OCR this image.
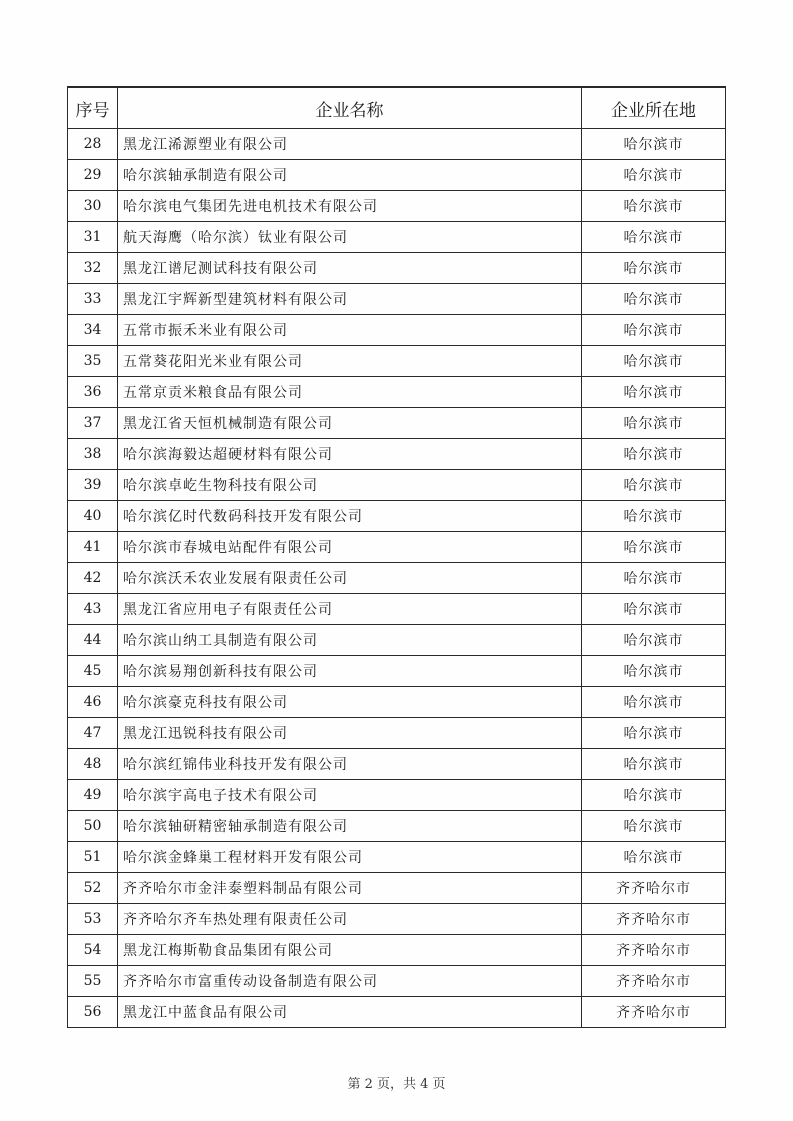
序号	企业名称	企业所在地
28	黑龙江浠源塑业有限公司	哈尔滨市
29	哈尔滨轴承制造有限公司	哈尔滨市
30	哈尔滨电气集团先进电机技术有限公司	哈尔滨市
31	航天海鹰（哈尔滨）钛业有限公司	哈尔滨市
32	黑龙江谱尼测试科技有限公司	哈尔滨市
33	黑龙江宇辉新型建筑材料有限公司	哈尔滨市
34	五常市振禾米业有限公司	哈尔滨市
35	五常葵花阳光米业有限公司	哈尔滨市
36	五常京贡米粮食品有限公司	哈尔滨市
37	黑龙江省天恒机械制造有限公司	哈尔滨市
38	哈尔滨海毅达超硬材料有限公司	哈尔滨市
39	哈尔滨卓屹生物科技有限公司	哈尔滨市
40	哈尔滨亿时代数码科技开发有限公司	哈尔滨市
41	哈尔滨市春城电站配件有限公司	哈尔滨市
42	哈尔滨沃禾农业发展有限责任公司	哈尔滨市
43	黑龙江省应用电子有限责任公司	哈尔滨市
44	哈尔滨山纳工具制造有限公司	哈尔滨市
45	哈尔滨易翔创新科技有限公司	哈尔滨市
46	哈尔滨豪克科技有限公司	哈尔滨市
47	黑龙江迅锐科技有限公司	哈尔滨市
48	哈尔滨红锦伟业科技开发有限公司	哈尔滨市
49	哈尔滨宇高电子技术有限公司	哈尔滨市
50	哈尔滨轴研精密轴承制造有限公司	哈尔滨市
51	哈尔滨金蜂巢工程材料开发有限公司	哈尔滨市
52	齐齐哈尔市金沣泰塑料制品有限公司	齐齐哈尔市
53	齐齐哈尔齐车热处理有限责任公司	齐齐哈尔市
54	黑龙江梅斯勒食品集团有限公司	齐齐哈尔市
55	齐齐哈尔市富重传动设备制造有限公司	齐齐哈尔市
56	黑龙江中蓝食品有限公司	齐齐哈尔市
第 2 页，共 4 页
